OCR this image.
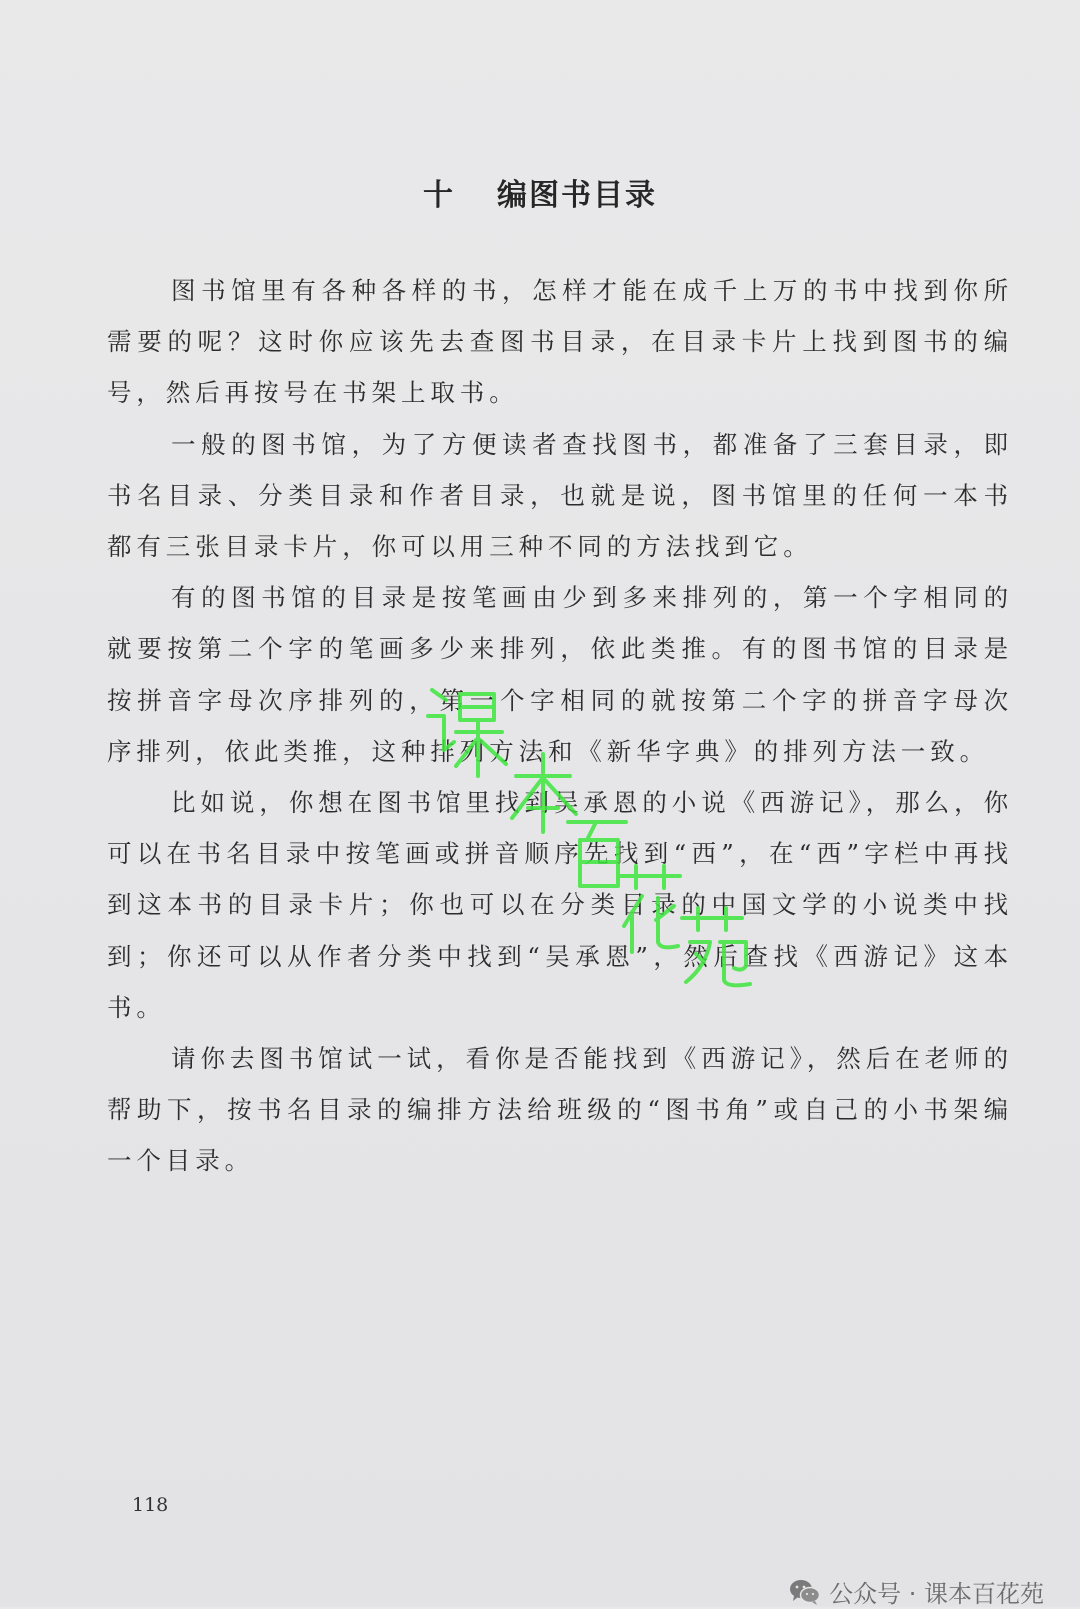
十 编图书目录

图书馆里有各种各样的书，怎样才能在成千上万的书中找到你所需要的呢？这时你应该先去查图书目录，在目录卡片上找到图书的编号，然后再按号在书架上取书。

一般的图书馆，为了方便读者查找图书，都准备了三套目录，即书名目录、分类目录和作者目录，也就是说，图书馆里的任何一本书都有三张目录卡片，你可以用三种不同的方法找到它。

有的图书馆的目录是按笔画由少到多来排列的，第一个字相同的就要按第二个字的笔画多少来排列，依此类推。有的图书馆的目录是按拼音字母次序排列的，第一个字相同的就按第二个字的拼音字母次序排列，依此类推，这种排列方法和《新华字典》的排列方法一致。

比如说，你想在图书馆里找到吴承恩的小说《西游记》，那么，你可以在书名目录中按笔画或拼音顺序先找到“西”，在“西”字栏中再找到这本书的目录卡片；你也可以在分类目录的中国文学的小说类中找到；你还可以从作者分类中找到“吴承恩”，然后查找《西游记》这本书。

请你去图书馆试一试，看你是否能找到《西游记》，然后在老师的帮助下，按书名目录的编排方法给班级的“图书角”或自己的小书架编一个目录。

118
公众号 · 课本百花苑
